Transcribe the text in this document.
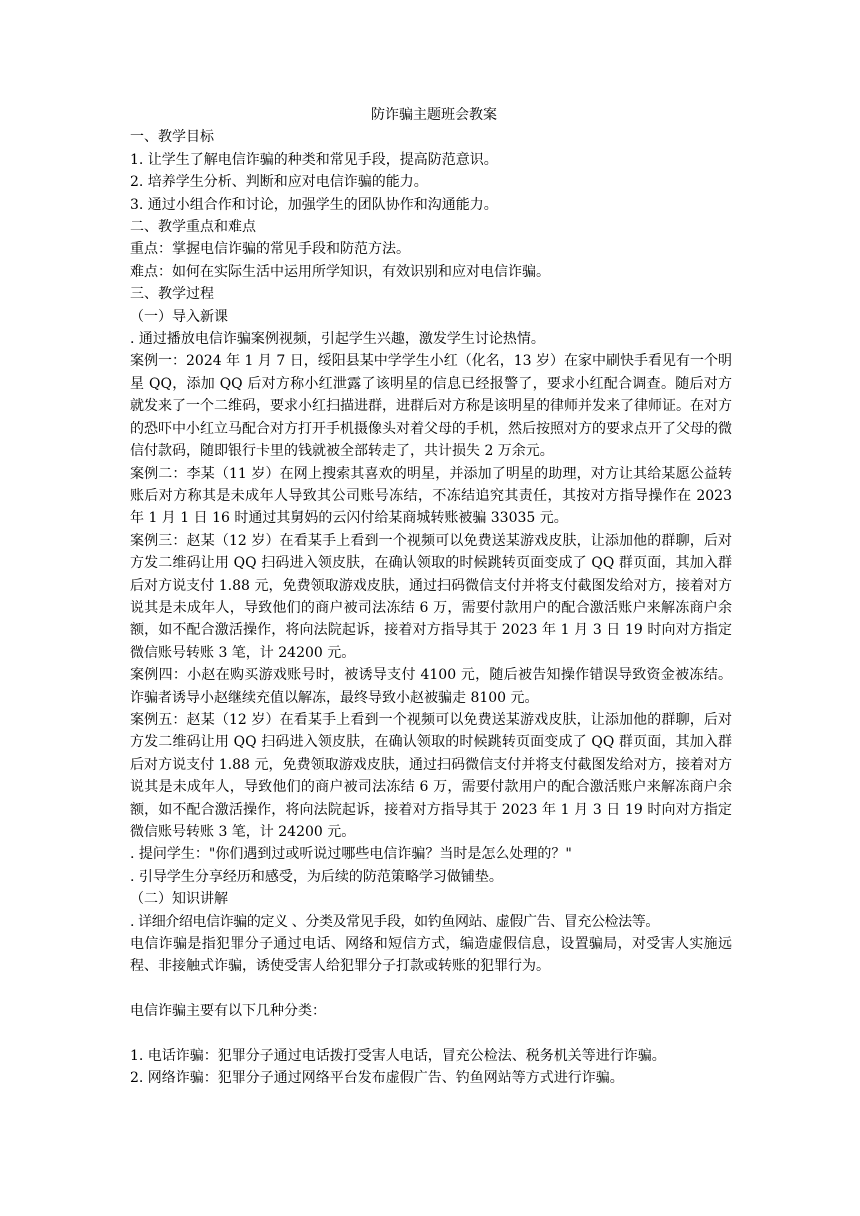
防诈骗主题班会教案

一、教学目标

1. 让学生了解电信诈骗的种类和常见手段，提高防范意识。

2. 培养学生分析、判断和应对电信诈骗的能力。

3. 通过小组合作和讨论，加强学生的团队协作和沟通能力。

二、教学重点和难点

重点：掌握电信诈骗的常见手段和防范方法。

难点：如何在实际生活中运用所学知识，有效识别和应对电信诈骗。

三、教学过程

（一）导入新课

. 通过播放电信诈骗案例视频，引起学生兴趣，激发学生讨论热情。

案例一：2024 年 1 月 7 日，绥阳县某中学学生小红（化名，13 岁）在家中刷快手看见有一个明星 QQ，添加 QQ 后对方称小红泄露了该明星的信息已经报警了，要求小红配合调查。随后对方就发来了一个二维码，要求小红扫描进群，进群后对方称是该明星的律师并发来了律师证。在对方的恐吓中小红立马配合对方打开手机摄像头对着父母的手机，然后按照对方的要求点开了父母的微信付款码，随即银行卡里的钱就被全部转走了，共计损失 2 万余元。

案例二：李某（11 岁）在网上搜索其喜欢的明星，并添加了明星的助理，对方让其给某愿公益转账后对方称其是未成年人导致其公司账号冻结，不冻结追究其责任，其按对方指导操作在 2023 年 1 月 1 日 16 时通过其舅妈的云闪付给某商城转账被骗 33035 元。

案例三：赵某（12 岁）在看某手上看到一个视频可以免费送某游戏皮肤，让添加他的群聊，后对方发二维码让用 QQ 扫码进入领皮肤，在确认领取的时候跳转页面变成了 QQ 群页面，其加入群后对方说支付 1.88 元，免费领取游戏皮肤，通过扫码微信支付并将支付截图发给对方，接着对方说其是未成年人，导致他们的商户被司法冻结 6 万，需要付款用户的配合激活账户来解冻商户余额，如不配合激活操作，将向法院起诉，接着对方指导其于 2023 年 1 月 3 日 19 时向对方指定微信账号转账 3 笔，计 24200 元。

案例四：小赵在购买游戏账号时，被诱导支付 4100 元，随后被告知操作错误导致资金被冻结。诈骗者诱导小赵继续充值以解冻，最终导致小赵被骗走 8100 元。

案例五：赵某（12 岁）在看某手上看到一个视频可以免费送某游戏皮肤，让添加他的群聊，后对方发二维码让用 QQ 扫码进入领皮肤，在确认领取的时候跳转页面变成了 QQ 群页面，其加入群后对方说支付 1.88 元，免费领取游戏皮肤，通过扫码微信支付并将支付截图发给对方，接着对方说其是未成年人，导致他们的商户被司法冻结 6 万，需要付款用户的配合激活账户来解冻商户余额，如不配合激活操作，将向法院起诉，接着对方指导其于 2023 年 1 月 3 日 19 时向对方指定微信账号转账 3 笔，计 24200 元。

. 提问学生："你们遇到过或听说过哪些电信诈骗？当时是怎么处理的？"

. 引导学生分享经历和感受，为后续的防范策略学习做铺垫。

（二）知识讲解

. 详细介绍电信诈骗的定义 、分类及常见手段，如钓鱼网站、虚假广告、冒充公检法等。

电信诈骗是指犯罪分子通过电话、网络和短信方式，编造虚假信息，设置骗局，对受害人实施远程、非接触式诈骗，诱使受害人给犯罪分子打款或转账的犯罪行为。

电信诈骗主要有以下几种分类：

1. 电话诈骗：犯罪分子通过电话拨打受害人电话，冒充公检法、税务机关等进行诈骗。

2. 网络诈骗：犯罪分子通过网络平台发布虚假广告、钓鱼网站等方式进行诈骗。
